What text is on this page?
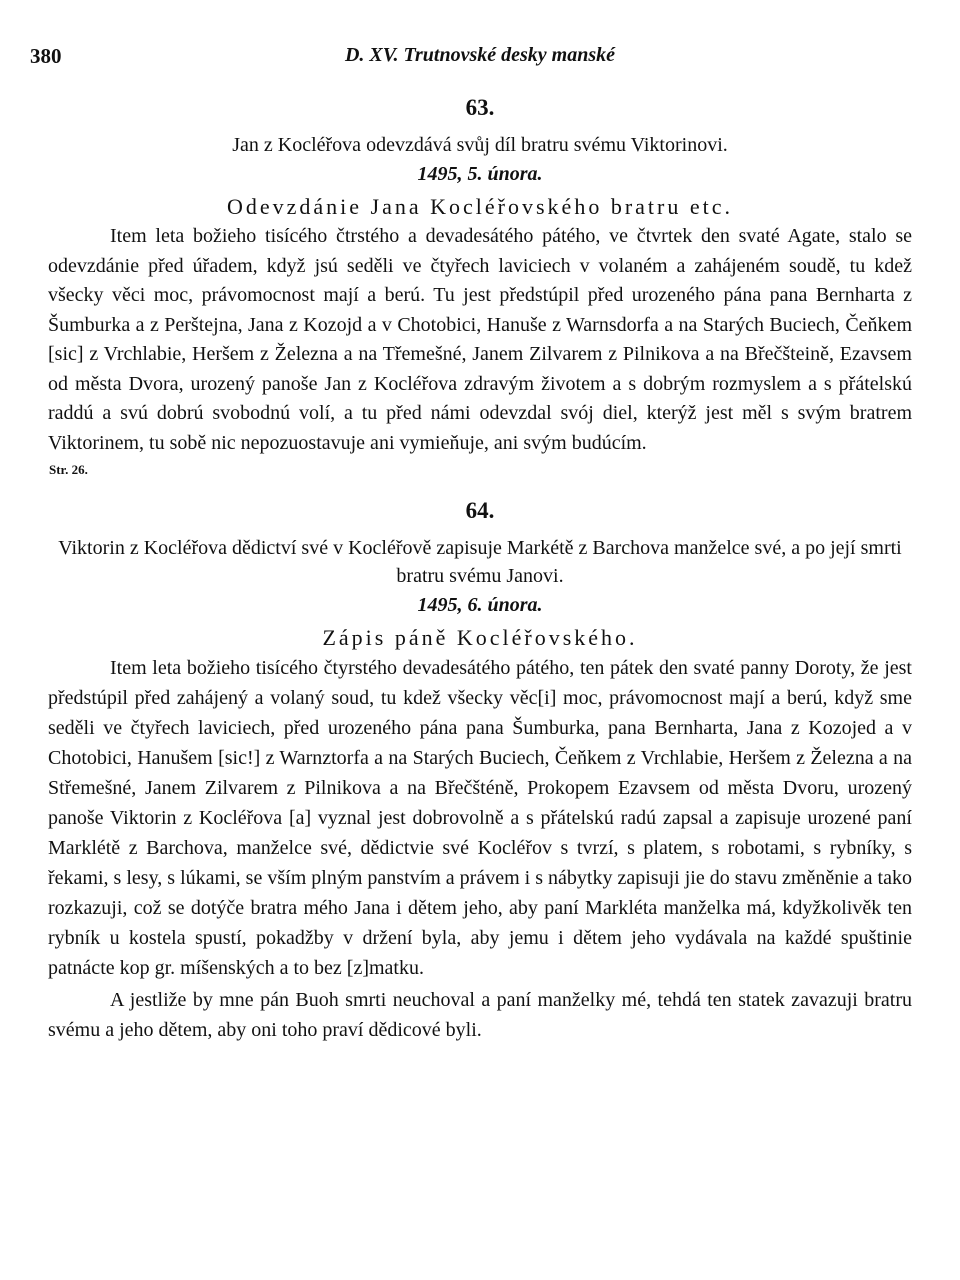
380	D. XV. Trutnovské desky manské
63.
Jan z Kocléřova odevzdává svůj díl bratru svému Viktorinovi.
1495, 5. února.
Odevzdánie Jana Kocléřovského bratru etc.

Item leta božieho tisícého čtrstého a devadesátého pátého, ve čtvrtek den svaté Agate, stalo se odevzdánie před úřadem, když jsú seděli ve čtyřech laviciech v volaném a zahájeném soudě, tu kdež všecky věci moc, právomocnost mají a berú. Tu jest předstúpil před urozeného pána pana Bernharta z Šumburka a z Perštejna, Jana z Kozojd a v Chotobici, Hanuše z Warnsdorfa a na Starých Buciech, Čeňkem [sic] z Vrchlabie, Heršem z Železna a na Třemešné, Janem Zilvarem z Pilnikova a na Břečšteině, Ezavsem od města Dvora, urozený panoše Jan z Kocléřova zdravým životem a s dobrým rozmyslem a s přátelskú raddú a svú dobrú svobodnú volí, a tu před námi odevzdal svój diel, kterýž jest měl s svým bratrem Viktorinem, tu sobě nic nepozuostavuje ani vymieňuje, ani svým budúcím.

Str. 26.
64.
Viktorin z Kocléřova dědictví své v Kocléřově zapisuje Markétě z Barchova manželce své, a po její smrti bratru svému Janovi.
1495, 6. února.
Zápis páně Kocléřovského.

Item leta božieho tisícého čtyrstého devadesátého pátého, ten pátek den svaté panny Doroty, že jest předstúpil před zahájený a volaný soud, tu kdež všecky věc[i] moc, právomocnost mají a berú, když sme seděli ve čtyřech laviciech, před urozeného pána pana Šumburka, pana Bernharta, Jana z Kozojed a v Chotobici, Hanušem [sic!] z Warnztorfa a na Starých Buciech, Čeňkem z Vrchlabie, Heršem z Železna a na Střemešné, Janem Zilvarem z Pilnikova a na Břečšténě, Prokopem Ezavsem od města Dvoru, urozený panoše Viktorin z Kocléřova [a] vyznal jest dobrovolně a s přátelskú radú zapsal a zapisuje urozené paní Marklétě z Barchova, manželce své, dědictvie své Kocléřov s tvrzí, s platem, s robotami, s rybníky, s řekami, s lesy, s lúkami, se vším plným panstvím a právem i s nábytky zapisuji jie do stavu změněnie a tako rozkazuji, což se dotýče bratra mého Jana i dětem jeho, aby paní Markléta manželka má, kdyžkolivěk ten rybník u kostela spustí, pokadžby v držení byla, aby jemu i dětem jeho vydávala na každé spuštinie patnácte kop gr. míšenských a to bez [z]matku.

A jestliže by mne pán Buoh smrti neuchoval a paní manželky mé, tehdá ten statek zavazuji bratru svému a jeho dětem, aby oni toho praví dědicové byli.
